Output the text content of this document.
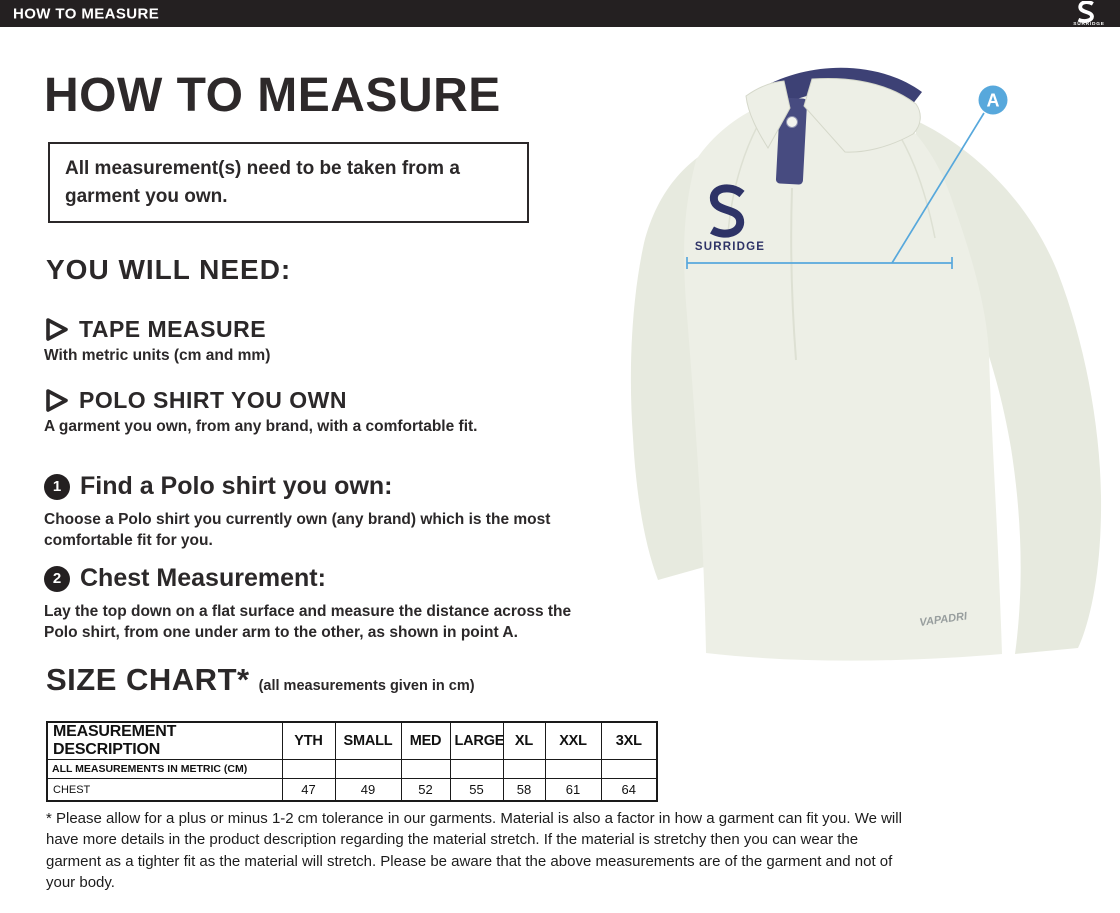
HOW TO MEASURE
SURRIDGE
HOW TO MEASURE
All measurement(s) need to be taken from a garment you own.
YOU WILL NEED:
TAPE MEASURE
With metric units (cm and mm)
POLO SHIRT YOU OWN
A garment you own, from any brand, with a comfortable fit.
1 Find a Polo shirt you own:
Choose a Polo shirt you currently own (any brand) which is the most comfortable fit for you.
2 Chest Measurement:
Lay the top down on a flat surface and measure the distance across the Polo shirt, from one under arm to the other, as shown in point A.
SIZE CHART* (all measurements given in cm)
MEASUREMENT DESCRIPTION	YTH	SMALL	MED	LARGE	XL	XXL	3XL
ALL MEASUREMENTS IN METRIC (CM)							
CHEST	47	49	52	55	58	61	64
* Please allow for a plus or minus 1-2 cm tolerance in our garments. Material is also a factor in how a garment can fit you. We will have more details in the product description regarding the material stretch. If the material is stretchy then you can wear the garment as a tighter fit as the material will stretch. Please be aware that the above measurements are of the garment and not of your body.
SURRIDGE
VAPADRI
A
